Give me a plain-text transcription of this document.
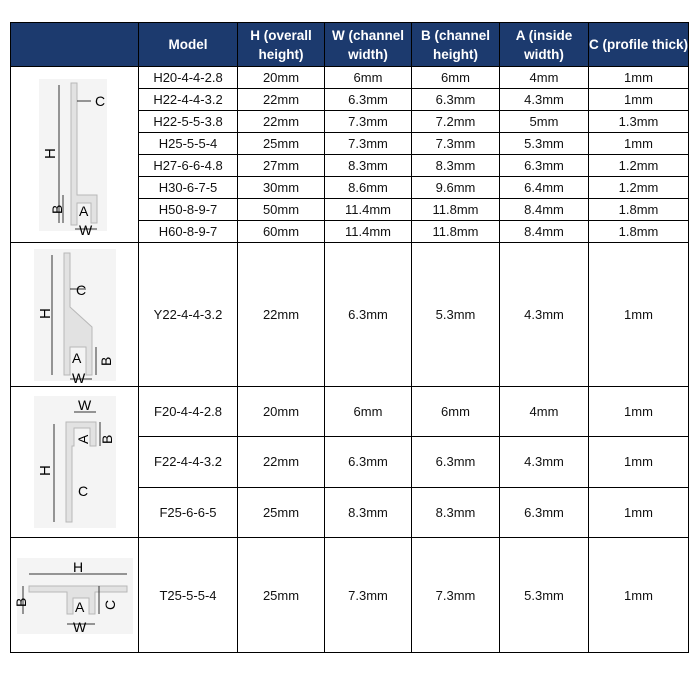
	Model	H (overall height)	W (channel width)	B (channel height)	A (inside width)	C (profile thick)

H
C
B A
W	H20-4-4-2.8	20mm	6mm	6mm	4mm	1mm
	H22-4-4-3.2	22mm	6.3mm	6.3mm	4.3mm	1mm
	H22-5-5-3.8	22mm	7.3mm	7.2mm	5mm	1.3mm
	H25-5-5-4	25mm	7.3mm	7.3mm	5.3mm	1mm
	H27-6-6-4.8	27mm	8.3mm	8.3mm	6.3mm	1.2mm
	H30-6-7-5	30mm	8.6mm	9.6mm	6.4mm	1.2mm
	H50-8-9-7	50mm	11.4mm	11.8mm	8.4mm	1.8mm
	H60-8-9-7	60mm	11.4mm	11.8mm	8.4mm	1.8mm

H
C
B
A
W	Y22-4-4-3.2	22mm	6.3mm	5.3mm	4.3mm	1mm

W
A B
H
C	F20-4-4-2.8	20mm	6mm	6mm	4mm	1mm
	F22-4-4-3.2	22mm	6.3mm	6.3mm	4.3mm	1mm
	F25-6-6-5	25mm	8.3mm	8.3mm	6.3mm	1mm

H
B A
W
C	T25-5-5-4	25mm	7.3mm	7.3mm	5.3mm	1mm
